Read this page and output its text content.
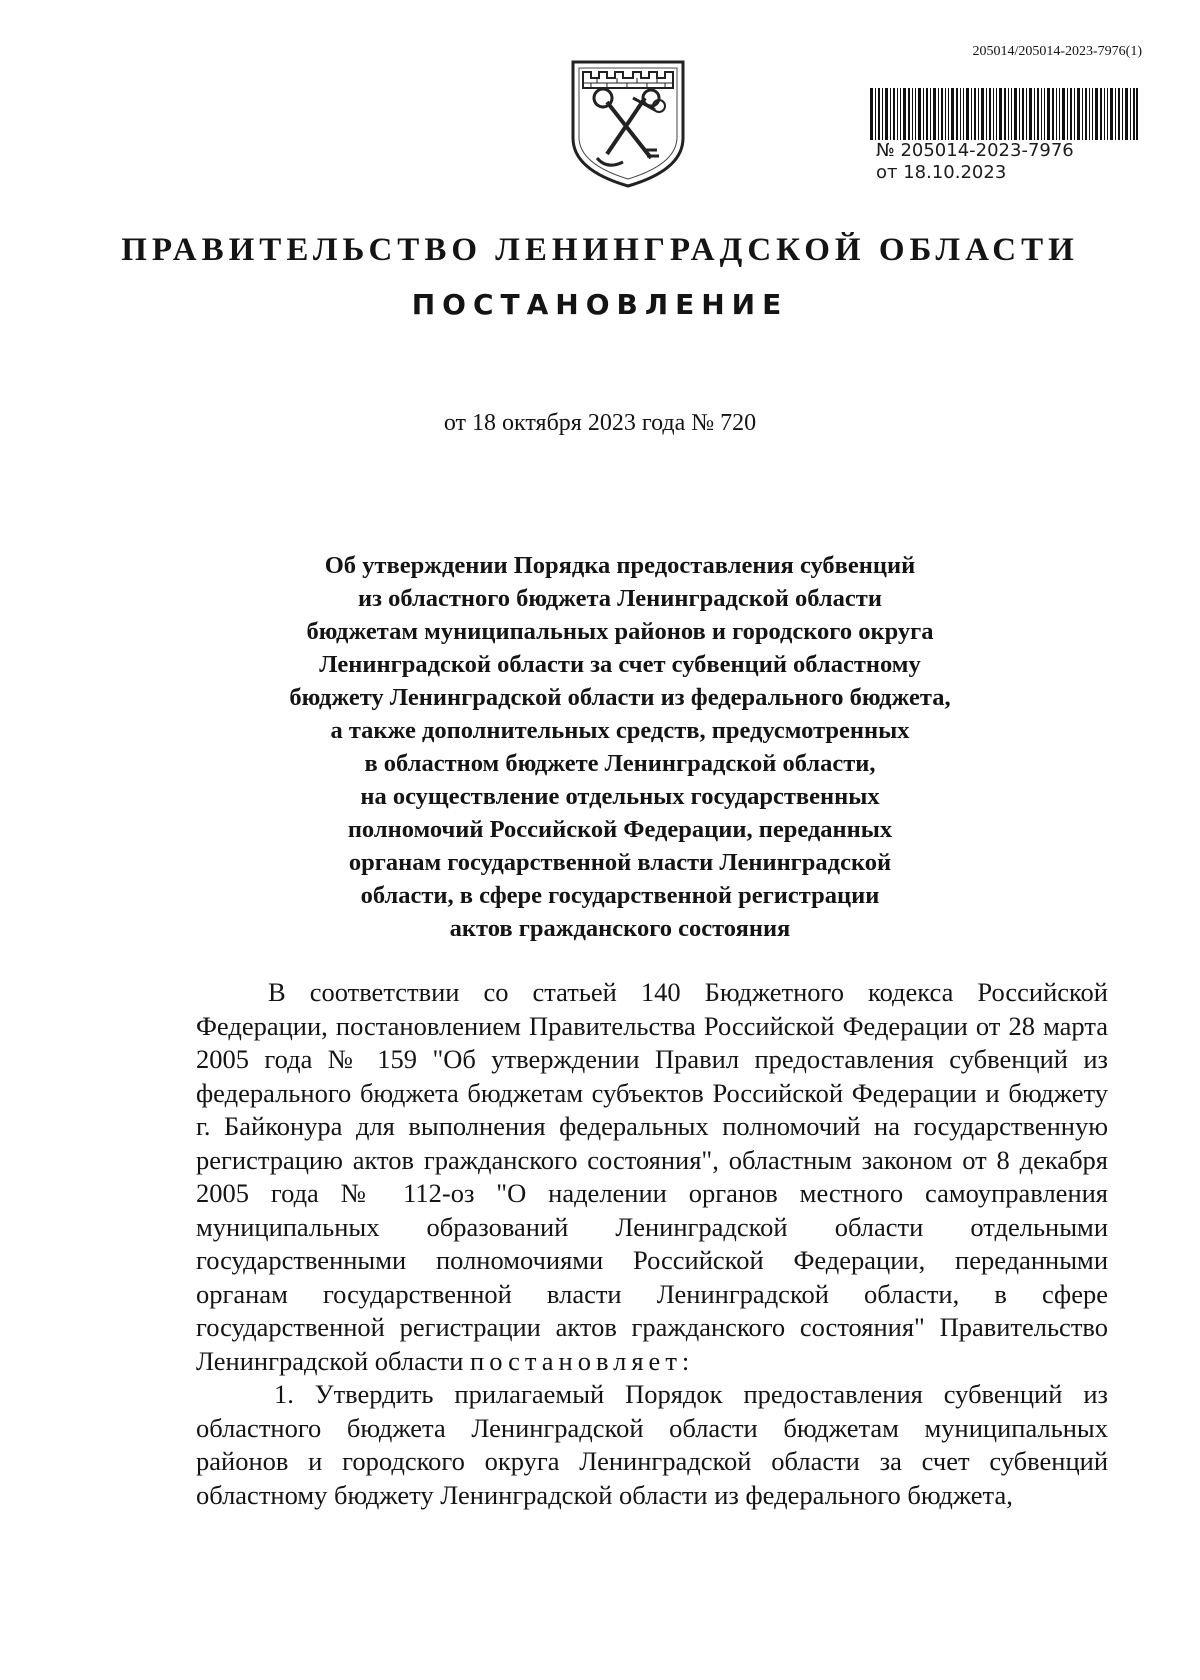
205014/205014-2023-7976(1)
№ 205014-2023-7976
от 18.10.2023
ПРАВИТЕЛЬСТВО ЛЕНИНГРАДСКОЙ ОБЛАСТИ
ПОСТАНОВЛЕНИЕ
от 18 октября 2023 года № 720
Об утверждении Порядка предоставления субвенций
из областного бюджета Ленинградской области
бюджетам муниципальных районов и городского округа
Ленинградской области за счет субвенций областному
бюджету Ленинградской области из федерального бюджета,
а также дополнительных средств, предусмотренных
в областном бюджете Ленинградской области,
на осуществление отдельных государственных
полномочий Российской Федерации, переданных
органам государственной власти Ленинградской
области, в сфере государственной регистрации
актов гражданского состояния

В соответствии со статьей 140 Бюджетного кодекса Российской Федерации, постановлением Правительства Российской Федерации от 28 марта 2005 года № 159 "Об утверждении Правил предоставления субвенций из федерального бюджета бюджетам субъектов Российской Федерации и бюджету г. Байконура для выполнения федеральных полномочий на государственную регистрацию актов гражданского состояния", областным законом от 8 декабря 2005 года № 112-оз "О наделении органов местного самоуправления муниципальных образований Ленинградской области отдельными государственными полномочиями Российской Федерации, переданными органам государственной власти Ленинградской области, в сфере государственной регистрации актов гражданского состояния" Правительство Ленинградской области постановляет:

1. Утвердить прилагаемый Порядок предоставления субвенций из областного бюджета Ленинградской области бюджетам муниципальных районов и городского округа Ленинградской области за счет субвенций областному бюджету Ленинградской области из федерального бюджета,
